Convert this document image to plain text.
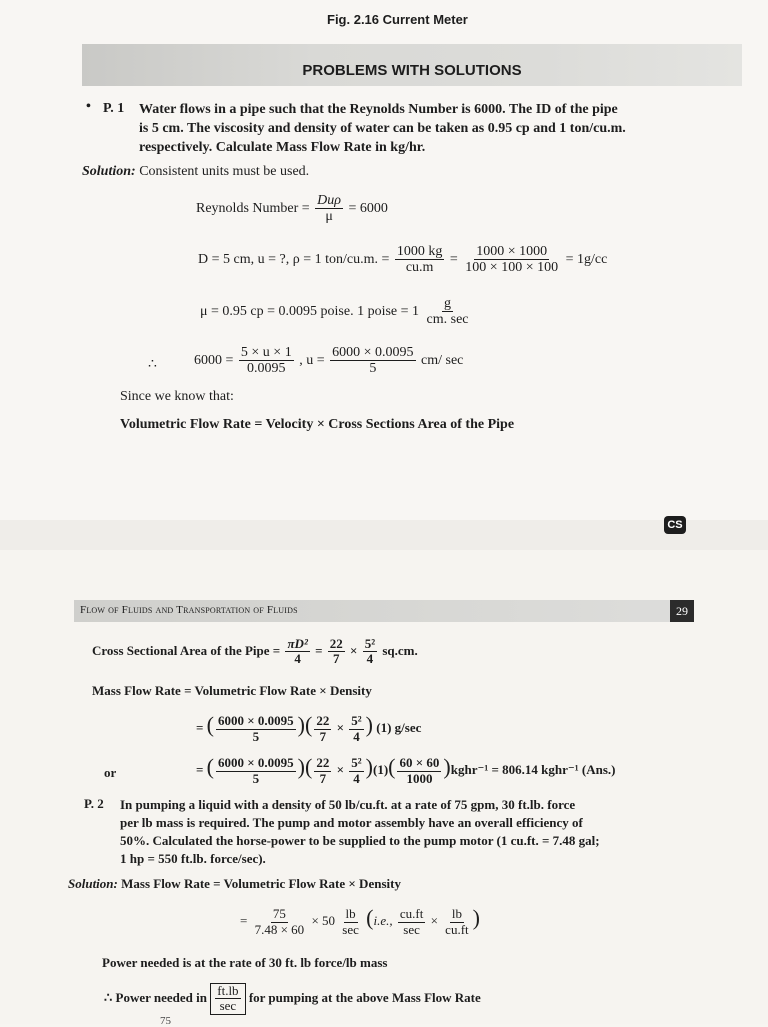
Fig. 2.16 Current Meter
PROBLEMS WITH SOLUTIONS
• P. 1 Water flows in a pipe such that the Reynolds Number is 6000. The ID of the pipe
is 5 cm. The viscosity and density of water can be taken as 0.95 cp and 1 ton/cu.m.
respectively. Calculate Mass Flow Rate in kg/hr.
Solution: Consistent units must be used.
Reynolds Number = $\frac{\text{Duρ}}{\mu} = 6000$
D = 5 cm, u = ?, ρ = 1 ton/cu.m. = $\frac{1000 kg}{cu.m} = \frac{1000 \times 1000}{100 \times 100 \times 100} = 1g/cc$
μ = 0.95 cp = 0.0095 poise. 1 poise = $1 \frac{g}{cm. \sec}$
∴	$6000 = \frac{5 \times u \times 1}{0.0095}$ , $u = \frac{6000 \times 0.0095}{5} cm/$ sec
Since we know that:
Volumetric Flow Rate = Velocity × Cross Sections Area of the Pipe
CS
Flow of Fluids and Transportation of Fluids	29
Cross Sectional Area of the Pipe = $\frac{\text{πD²}}{4} = \frac{22}{7} \times \frac{\text{5²}}{4} sq.cm$.
Mass Flow Rate = Volumetric Flow Rate × Density
= ( $\frac{6000 \times 0.0095}{5}$ )( $\frac{22}{7} \times \frac{\text{5²}}{4}$ ) (1) g/sec
or	= ( $\frac{6000 \times 0.0095}{5}$ )( $\frac{22}{7} \times \frac{\text{5²}}{4} )(1)( \frac{60 \times 60}{1000}$ )kghr⁻¹ = 806.14 kghr⁻¹ (Ans.)
P. 2 In pumping a liquid with a density of 50 lb/cu.ft. at a rate of 75 gpm, 30 ft.lb. force
per lb mass is required. The pump and motor assembly have an overall efficiency of
50%. Calculated the horse-power to be supplied to the pump motor (1 cu.ft. = 7.48 gal;
1 hp = 550 ft.lb. force/sec).
Solution: Mass Flow Rate = Volumetric Flow Rate × Density
= $\frac{75}{7.48 \times 60} \times 50 \frac{lb}{\sec} (i.e$., $\frac{cu.ft}{\sec} \times \frac{lb}{cu.ft}$ )
Power needed is at the rate of 30 ft. lb force/lb mass
∴ Power needed in $\frac{ft.lb}{\sec}$ for pumping at the above Mass Flow Rate
75
